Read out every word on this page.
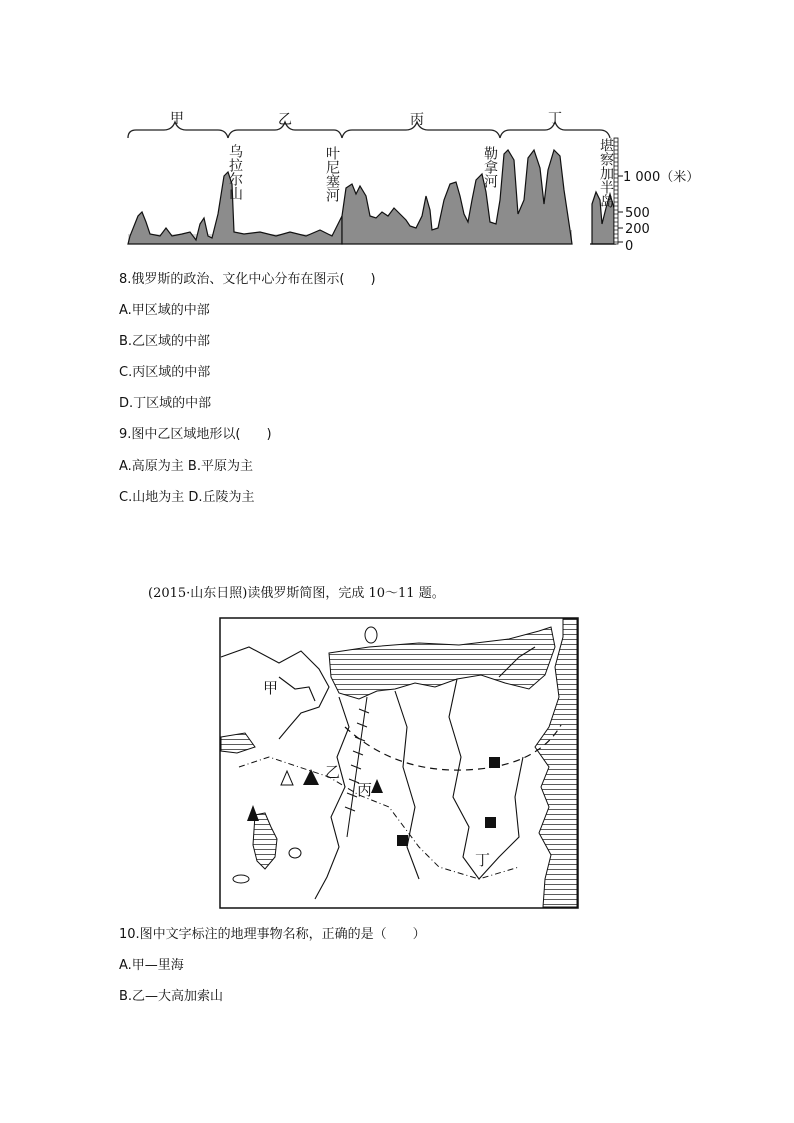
甲	乙	丙	丁
1 000（米）
500
200
0
乌拉尔山	叶尼塞河	勒拿河	堪察加半岛
8.俄罗斯的政治、文化中心分布在图示(　　)
A.甲区域的中部
B.乙区域的中部
C.丙区域的中部
D.丁区域的中部
9.图中乙区域地形以(　　)
A.高原为主 B.平原为主
C.山地为主 D.丘陵为主
(2015·山东日照)读俄罗斯简图，完成 10～11 题。
甲
乙
丙
丁
10.图中文字标注的地理事物名称，正确的是（　　）
A.甲—里海
B.乙—大高加索山
